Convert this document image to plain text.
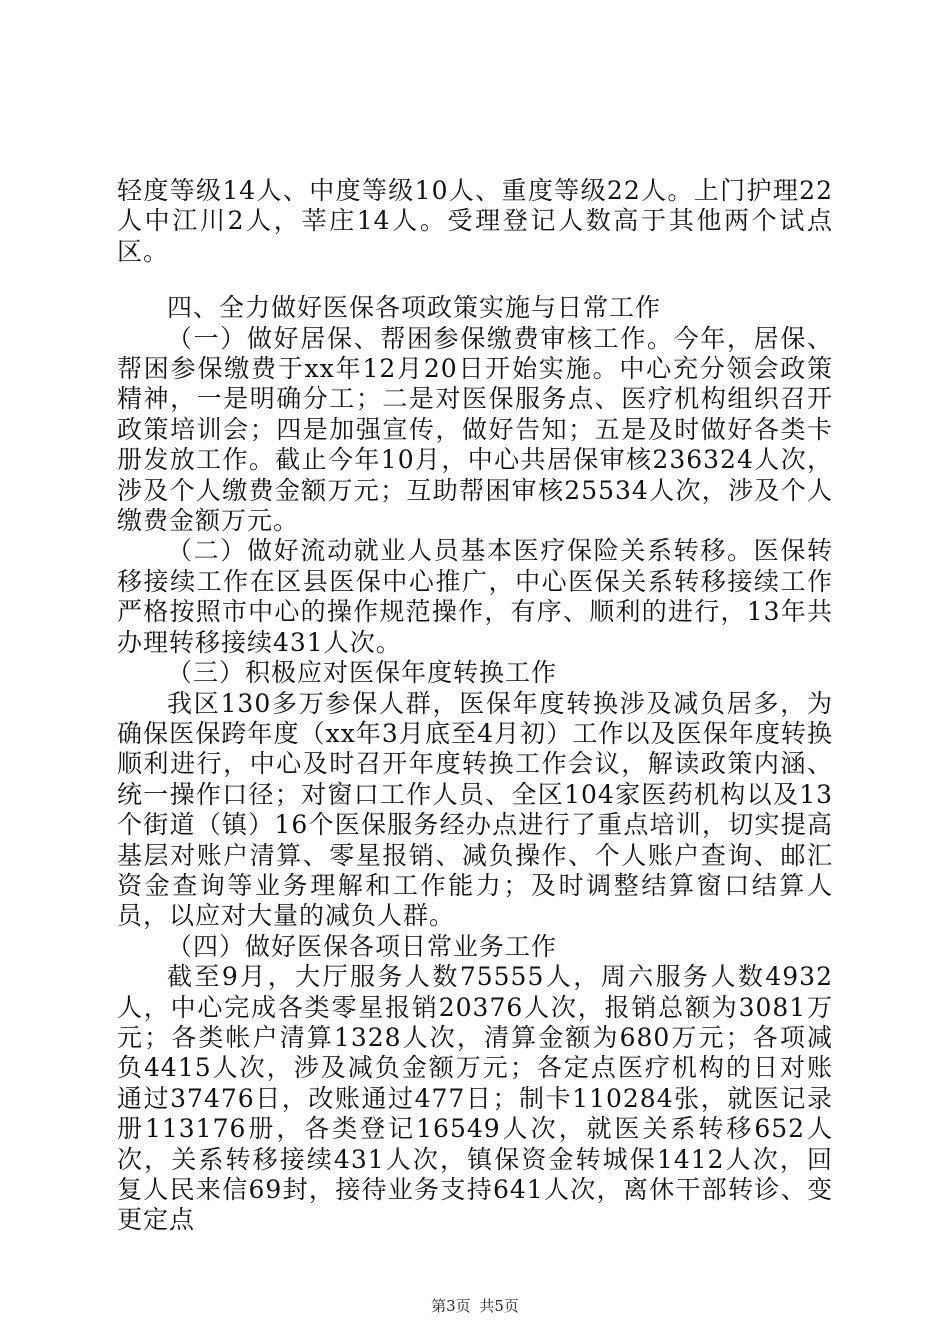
轻度等级14人、中度等级10人、重度等级22人。上门护理22人中江川2人，莘庄14人。受理登记人数高于其他两个试点区。

四、全力做好医保各项政策实施与日常工作

（一）做好居保、帮困参保缴费审核工作。今年，居保、帮困参保缴费于xx年12月20日开始实施。中心充分领会政策精神，一是明确分工；二是对医保服务点、医疗机构组织召开政策培训会；四是加强宣传，做好告知；五是及时做好各类卡册发放工作。截止今年10月，中心共居保审核236324人次，涉及个人缴费金额万元；互助帮困审核25534人次，涉及个人缴费金额万元。

（二）做好流动就业人员基本医疗保险关系转移。医保转移接续工作在区县医保中心推广，中心医保关系转移接续工作严格按照市中心的操作规范操作，有序、顺利的进行，13年共办理转移接续431人次。

（三）积极应对医保年度转换工作

我区130多万参保人群，医保年度转换涉及减负居多，为确保医保跨年度（xx年3月底至4月初）工作以及医保年度转换顺利进行，中心及时召开年度转换工作会议，解读政策内涵、统一操作口径；对窗口工作人员、全区104家医药机构以及13个街道（镇）16个医保服务经办点进行了重点培训，切实提高基层对账户清算、零星报销、减负操作、个人账户查询、邮汇资金查询等业务理解和工作能力；及时调整结算窗口结算人员，以应对大量的减负人群。

（四）做好医保各项日常业务工作

截至9月，大厅服务人数75555人，周六服务人数4932人，中心完成各类零星报销20376人次，报销总额为3081万元；各类帐户清算1328人次，清算金额为680万元；各项减负4415人次，涉及减负金额万元；各定点医疗机构的日对账通过37476日，改账通过477日；制卡110284张，就医记录册113176册，各类登记16549人次，就医关系转移652人次，关系转移接续431人次，镇保资金转城保1412人次，回复人民来信69封，接待业务支持641人次，离休干部转诊、变更定点

第3页 共5页
